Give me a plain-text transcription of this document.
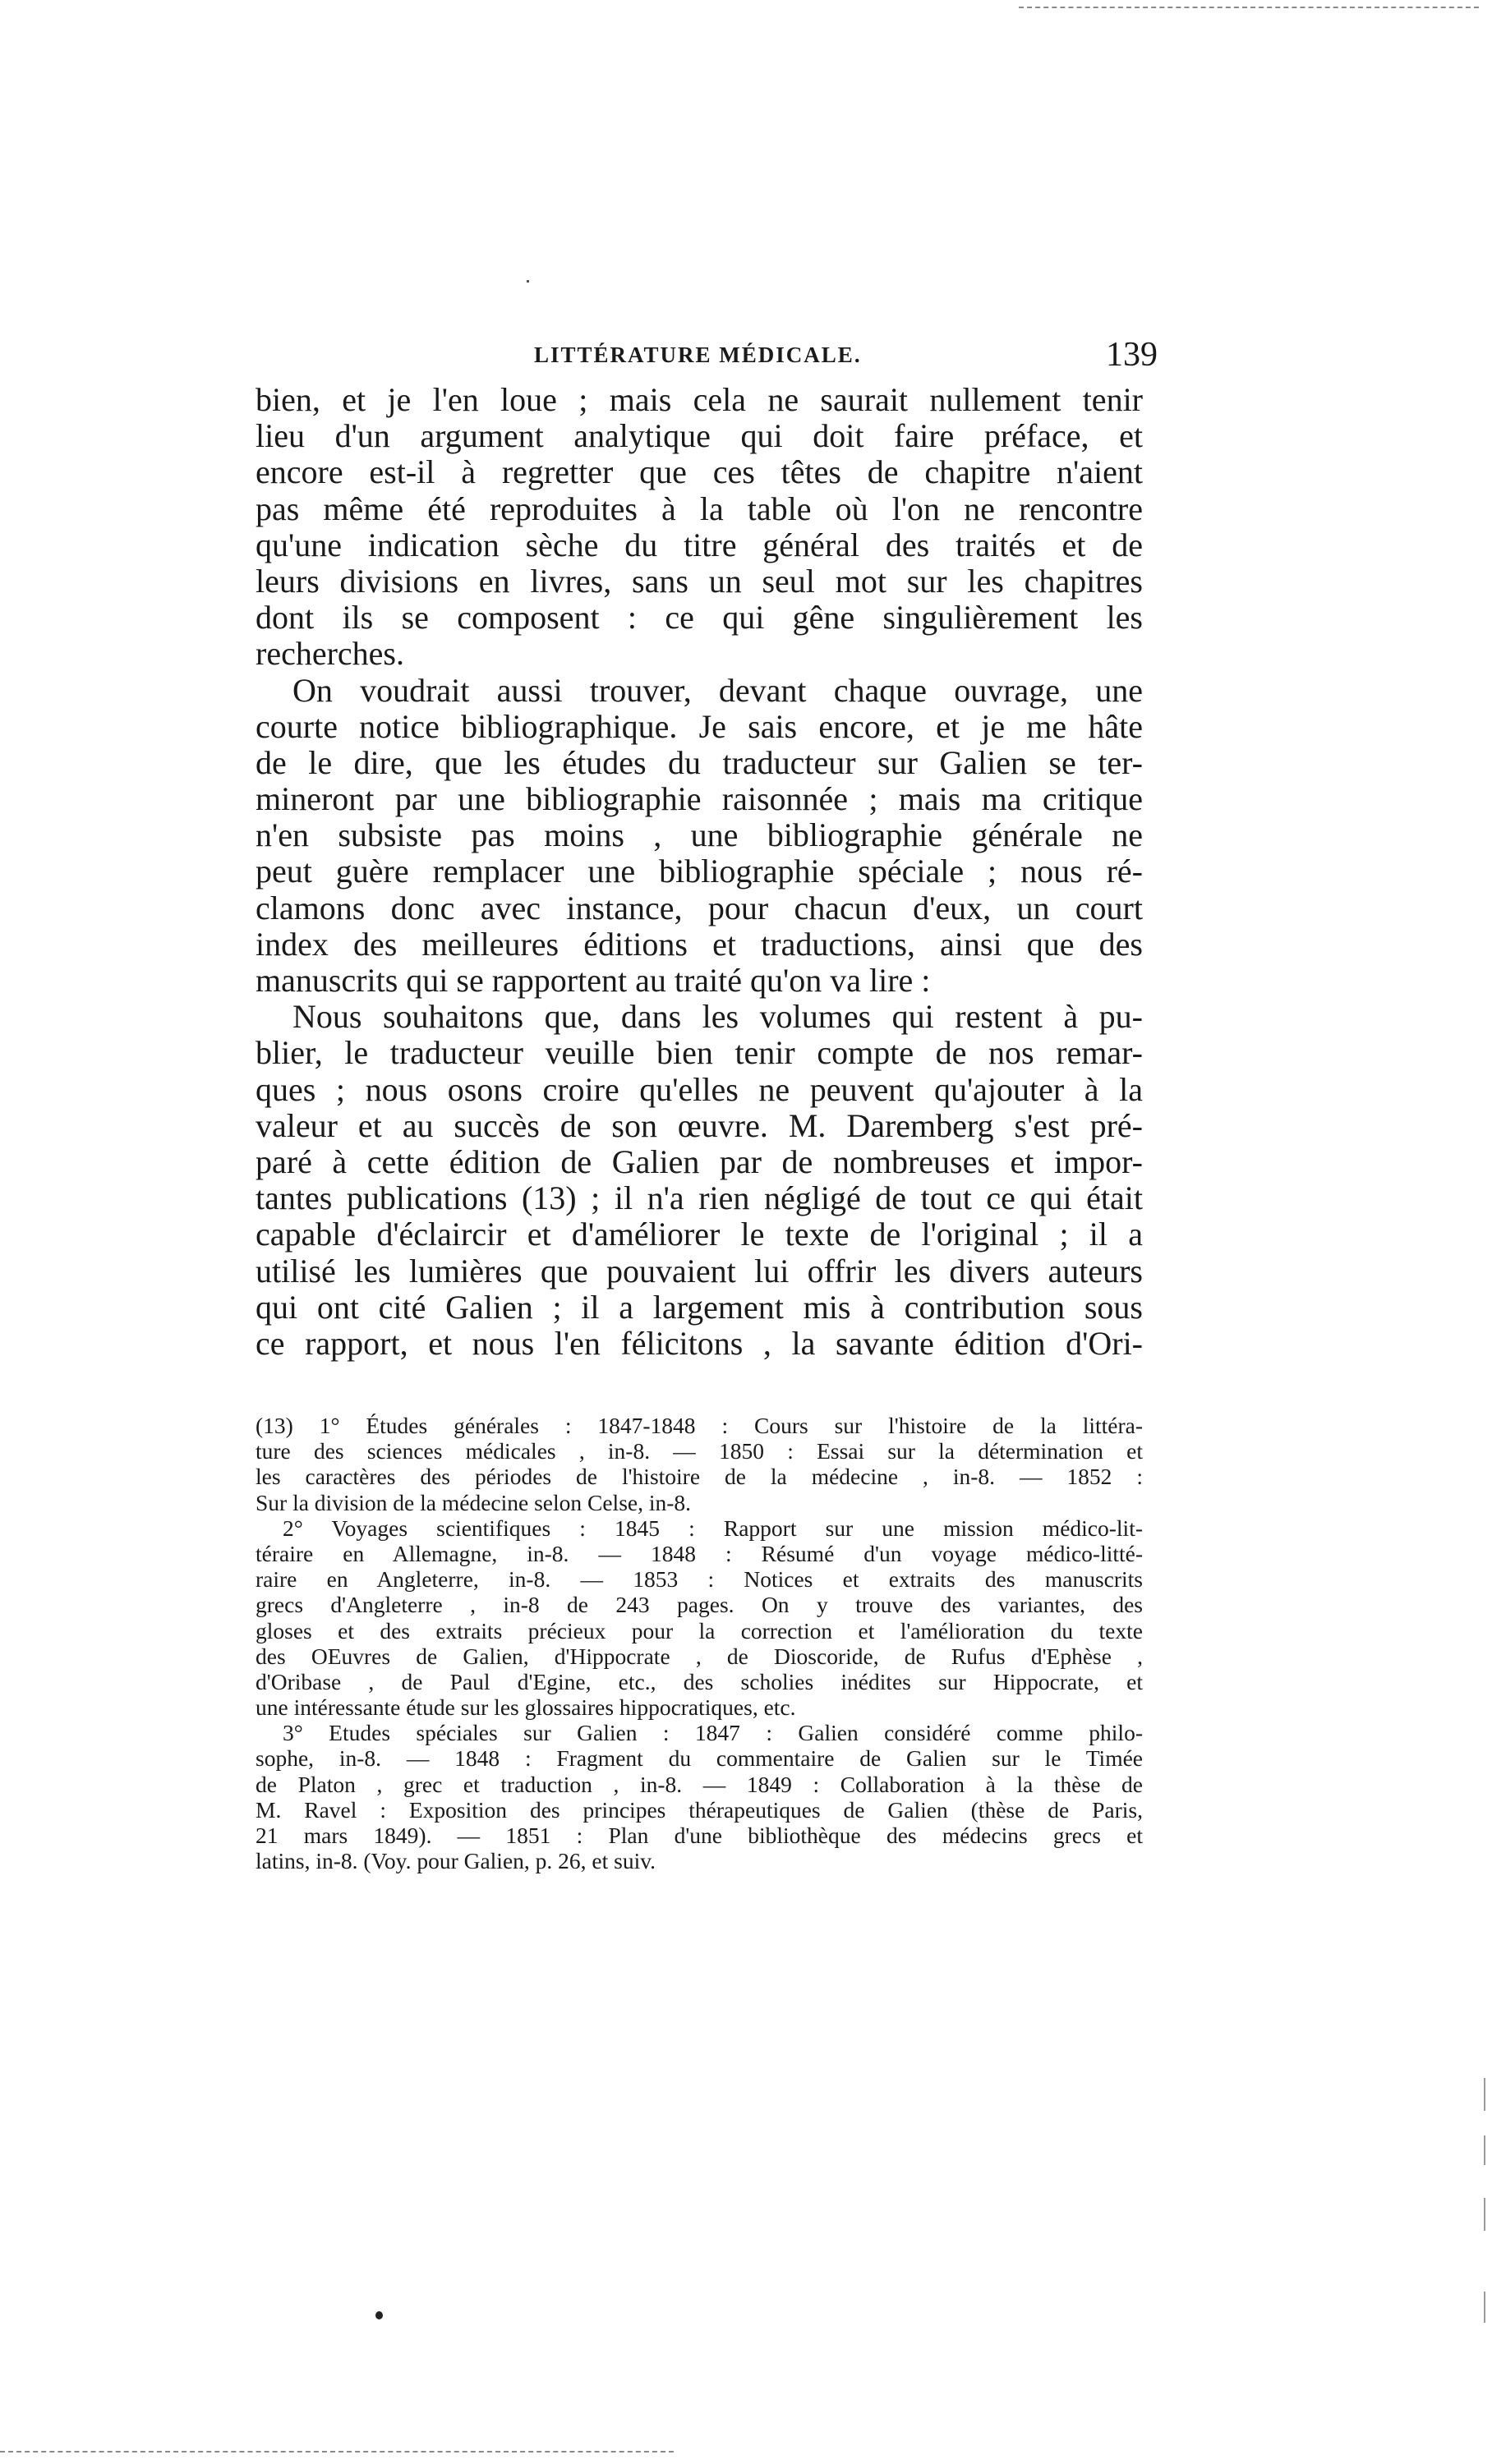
LITTÉRATURE MÉDICALE.	139
bien, et je l'en loue ; mais cela ne saurait nullement tenir
lieu d'un argument analytique qui doit faire préface, et
encore est-il à regretter que ces têtes de chapitre n'aient
pas même été reproduites à la table où l'on ne rencontre
qu'une indication sèche du titre général des traités et de
leurs divisions en livres, sans un seul mot sur les chapitres
dont ils se composent : ce qui gêne singulièrement les
recherches.
On voudrait aussi trouver, devant chaque ouvrage, une
courte notice bibliographique. Je sais encore, et je me hâte
de le dire, que les études du traducteur sur Galien se ter-
mineront par une bibliographie raisonnée ; mais ma critique
n'en subsiste pas moins , une bibliographie générale ne
peut guère remplacer une bibliographie spéciale ; nous ré-
clamons donc avec instance, pour chacun d'eux, un court
index des meilleures éditions et traductions, ainsi que des
manuscrits qui se rapportent au traité qu'on va lire :
Nous souhaitons que, dans les volumes qui restent à pu-
blier, le traducteur veuille bien tenir compte de nos remar-
ques ; nous osons croire qu'elles ne peuvent qu'ajouter à la
valeur et au succès de son œuvre. M. Daremberg s'est pré-
paré à cette édition de Galien par de nombreuses et impor-
tantes publications (13) ; il n'a rien négligé de tout ce qui était
capable d'éclaircir et d'améliorer le texte de l'original ; il a
utilisé les lumières que pouvaient lui offrir les divers auteurs
qui ont cité Galien ; il a largement mis à contribution sous
ce rapport, et nous l'en félicitons , la savante édition d'Ori-
(13) 1° Études générales : 1847-1848 : Cours sur l'histoire de la littéra-
ture des sciences médicales , in-8. — 1850 : Essai sur la détermination et
les caractères des périodes de l'histoire de la médecine , in-8. — 1852 :
Sur la division de la médecine selon Celse, in-8.
2° Voyages scientifiques : 1845 : Rapport sur une mission médico-lit-
téraire en Allemagne, in-8. — 1848 : Résumé d'un voyage médico-litté-
raire en Angleterre, in-8. — 1853 : Notices et extraits des manuscrits
grecs d'Angleterre , in-8 de 243 pages. On y trouve des variantes, des
gloses et des extraits précieux pour la correction et l'amélioration du texte
des OEuvres de Galien, d'Hippocrate , de Dioscoride, de Rufus d'Ephèse ,
d'Oribase , de Paul d'Egine, etc., des scholies inédites sur Hippocrate, et
une intéressante étude sur les glossaires hippocratiques, etc.
3° Etudes spéciales sur Galien : 1847 : Galien considéré comme philo-
sophe, in-8. — 1848 : Fragment du commentaire de Galien sur le Timée
de Platon , grec et traduction , in-8. — 1849 : Collaboration à la thèse de
M. Ravel : Exposition des principes thérapeutiques de Galien (thèse de Paris,
21 mars 1849). — 1851 : Plan d'une bibliothèque des médecins grecs et
latins, in-8. (Voy. pour Galien, p. 26, et suiv.
